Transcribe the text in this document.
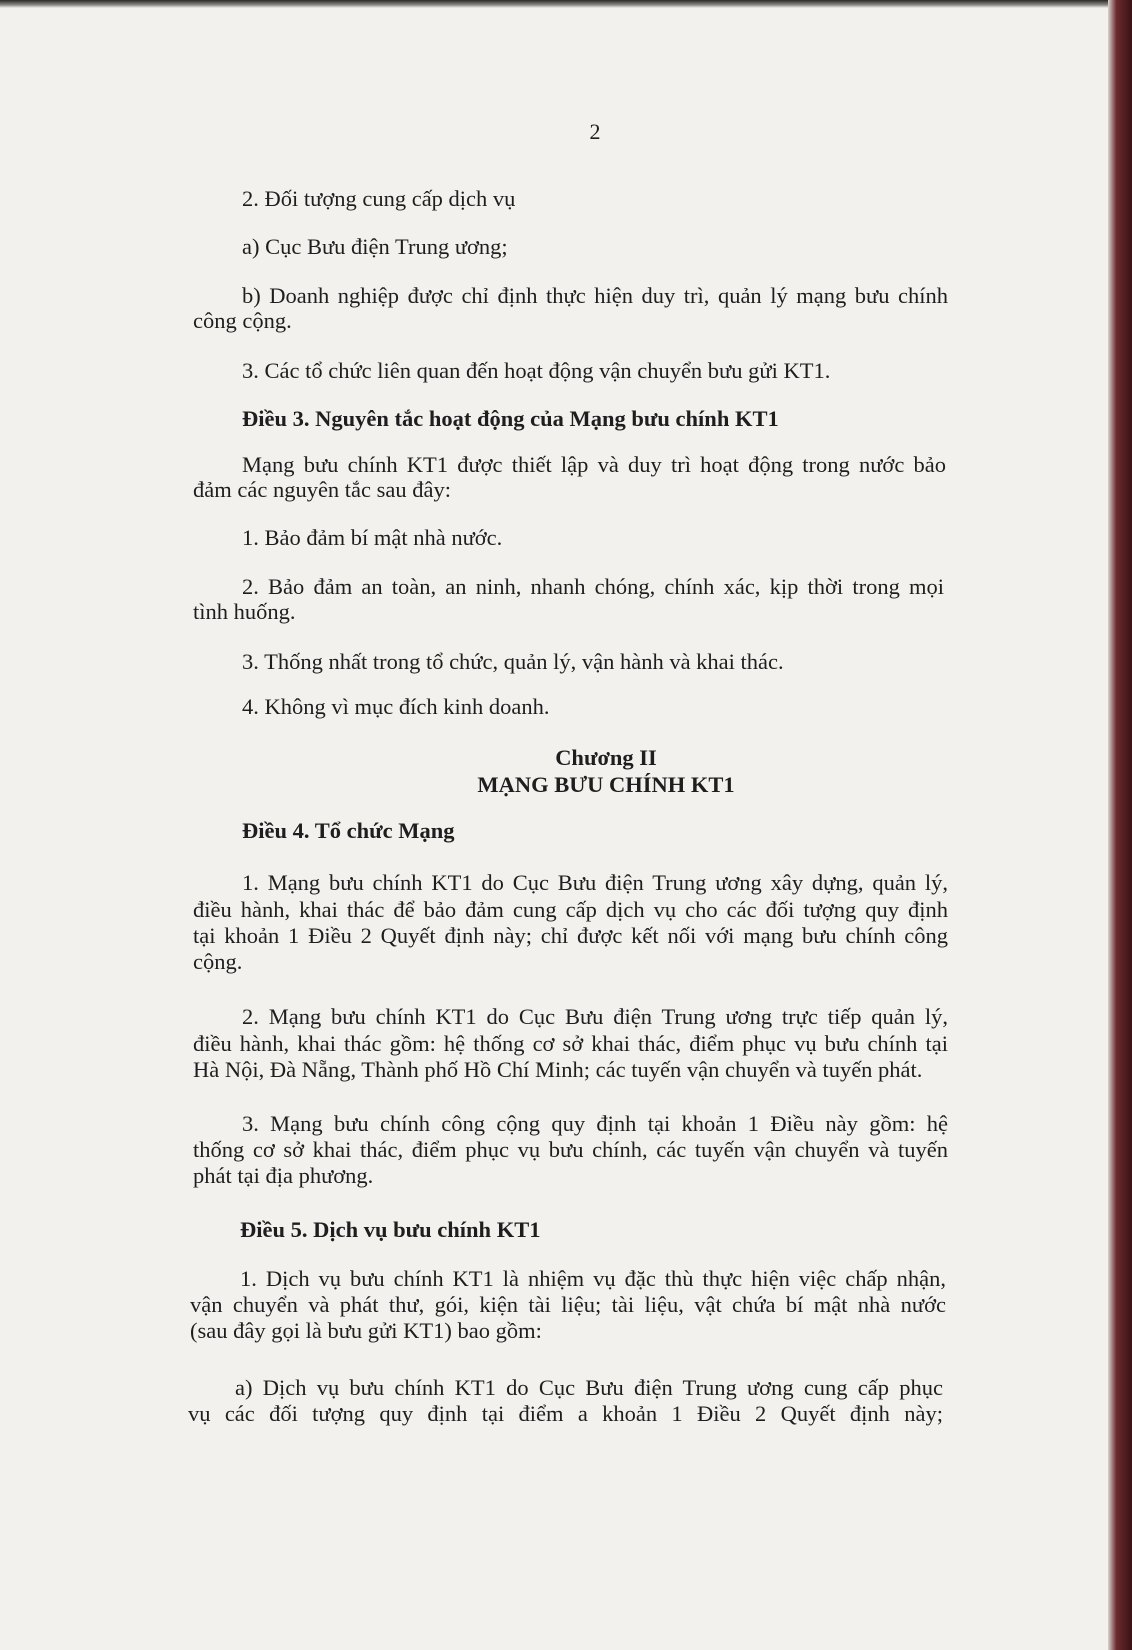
2
2. Đối tượng cung cấp dịch vụ
a) Cục Bưu điện Trung ương;
b) Doanh nghiệp được chỉ định thực hiện duy trì, quản lý mạng bưu chính
công cộng.
3. Các tổ chức liên quan đến hoạt động vận chuyển bưu gửi KT1.
Điều 3. Nguyên tắc hoạt động của Mạng bưu chính KT1
Mạng bưu chính KT1 được thiết lập và duy trì hoạt động trong nước bảo
đảm các nguyên tắc sau đây:
1. Bảo đảm bí mật nhà nước.
2. Bảo đảm an toàn, an ninh, nhanh chóng, chính xác, kịp thời trong mọi
tình huống.
3. Thống nhất trong tổ chức, quản lý, vận hành và khai thác.
4. Không vì mục đích kinh doanh.
Chương II
MẠNG BƯU CHÍNH KT1
Điều 4. Tổ chức Mạng
1. Mạng bưu chính KT1 do Cục Bưu điện Trung ương xây dựng, quản lý,
điều hành, khai thác để bảo đảm cung cấp dịch vụ cho các đối tượng quy định
tại khoản 1 Điều 2 Quyết định này; chỉ được kết nối với mạng bưu chính công
cộng.
2. Mạng bưu chính KT1 do Cục Bưu điện Trung ương trực tiếp quản lý,
điều hành, khai thác gồm: hệ thống cơ sở khai thác, điểm phục vụ bưu chính tại
Hà Nội, Đà Nẵng, Thành phố Hồ Chí Minh; các tuyến vận chuyển và tuyến phát.
3. Mạng bưu chính công cộng quy định tại khoản 1 Điều này gồm: hệ
thống cơ sở khai thác, điểm phục vụ bưu chính, các tuyến vận chuyển và tuyến
phát tại địa phương.
Điều 5. Dịch vụ bưu chính KT1
1. Dịch vụ bưu chính KT1 là nhiệm vụ đặc thù thực hiện việc chấp nhận,
vận chuyển và phát thư, gói, kiện tài liệu; tài liệu, vật chứa bí mật nhà nước
(sau đây gọi là bưu gửi KT1) bao gồm:
a) Dịch vụ bưu chính KT1 do Cục Bưu điện Trung ương cung cấp phục
vụ các đối tượng quy định tại điểm a khoản 1 Điều 2 Quyết định này;
